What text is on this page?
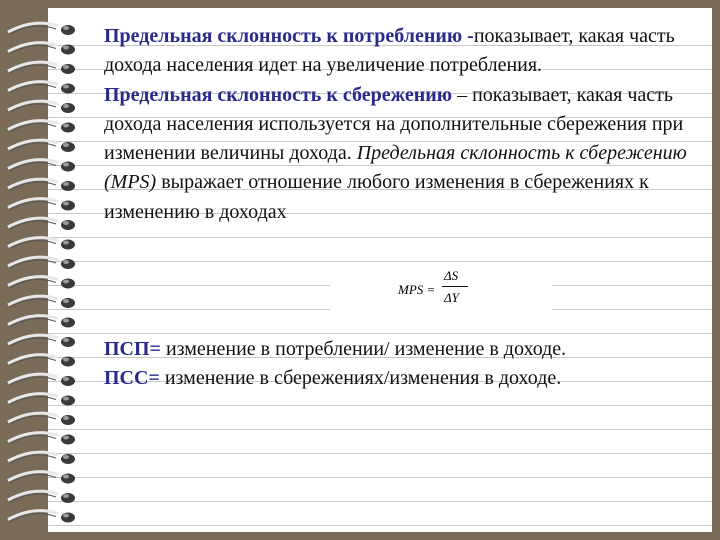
Предельная склонность к потреблению -показывает, какая часть дохода населения идет на увеличение потребления.

Предельная склонность к сбережению – показывает, какая часть дохода населения используется на дополнительные сбережения при изменении величины дохода. Предельная склонность к сбережению (MPS) выражает отношение любого изменения в сбережениях к изменению в доходах

MPS =
ΔS
ΔY

ПСП= изменение в потреблении/ изменение в доходе.

ПСС= изменение в сбережениях/изменения в доходе.
